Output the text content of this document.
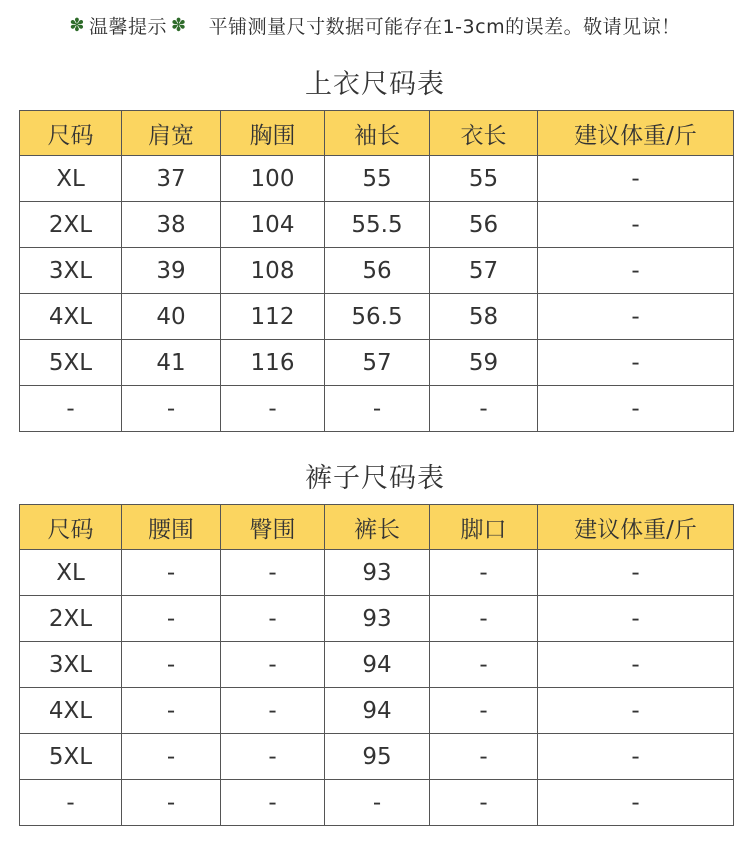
✽ 温馨提示 ✽ 平铺测量尺寸数据可能存在1-3cm的误差。敬请见谅！
上衣尺码表
尺码	肩宽	胸围	袖长	衣长	建议体重/斤
XL	37	100	55	55	-
2XL	38	104	55.5	56	-
3XL	39	108	56	57	-
4XL	40	112	56.5	58	-
5XL	41	116	57	59	-
-	-	-	-	-	-
裤子尺码表
尺码	腰围	臀围	裤长	脚口	建议体重/斤
XL	-	-	93	-	-
2XL	-	-	93	-	-
3XL	-	-	94	-	-
4XL	-	-	94	-	-
5XL	-	-	95	-	-
-	-	-	-	-	-
